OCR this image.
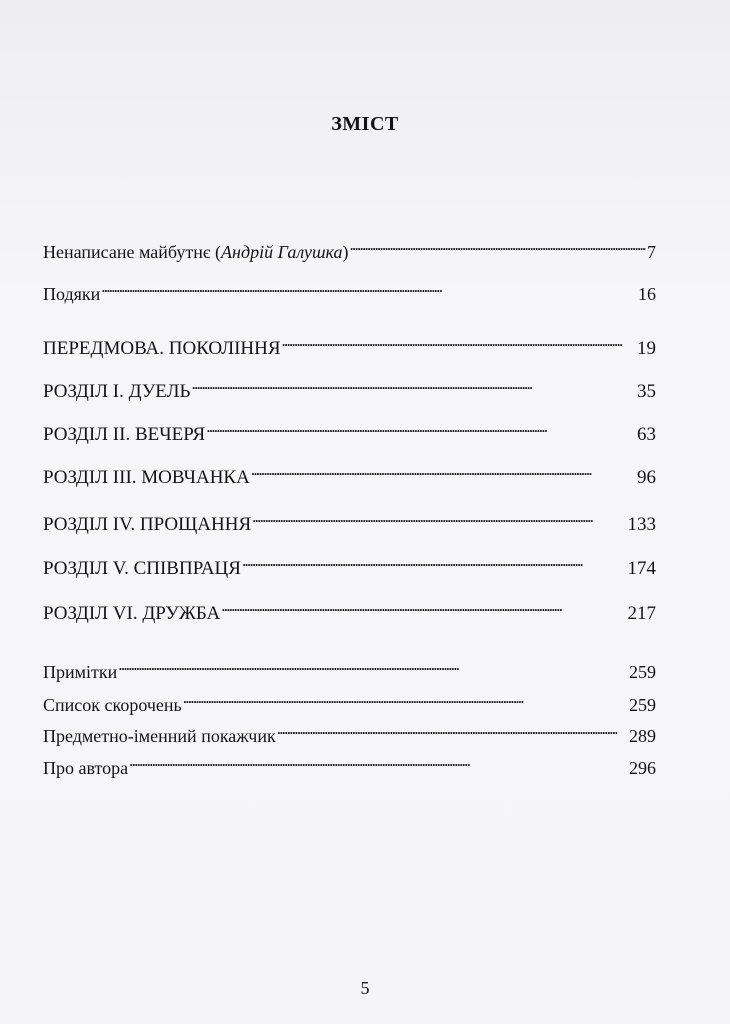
ЗМІСТ
Ненаписане майбутнє (Андрій Галушка) . . .	7
Подяки . . .	16
ПЕРЕДМОВА. ПОКОЛІННЯ . . .	19
РОЗДІЛ І. ДУЕЛЬ . . .	35
РОЗДІЛ ІІ. ВЕЧЕРЯ . . .	63
РОЗДІЛ ІІІ. МОВЧАНКА . . .	96
РОЗДІЛ IV. ПРОЩАННЯ . . .	133
РОЗДІЛ V. СПІВПРАЦЯ . . .	174
РОЗДІЛ VI. ДРУЖБА . . .	217
Примітки . . .	259
Список скорочень . . .	259
Предметно-іменний покажчик . . .	289
Про автора . . .	296
5
